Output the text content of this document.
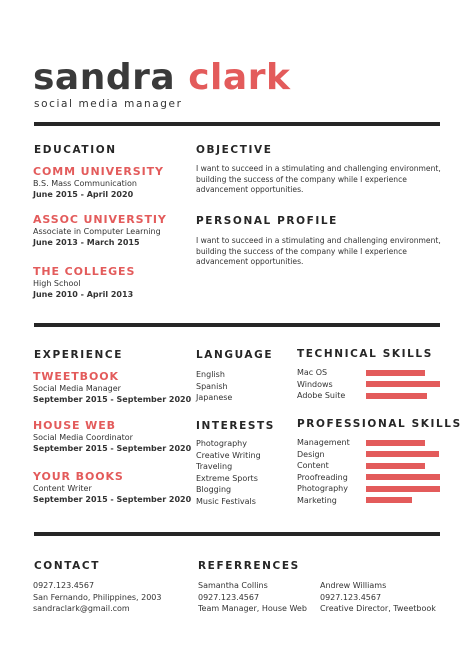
sandra clark
social media manager
EDUCATION
COMM UNIVERSITY
B.S. Mass Communication
June 2015 - April 2020
ASSOC UNIVERSTIY
Associate in Computer Learning
June 2013 - March 2015
THE COLLEGES
High School
June 2010 - April 2013
OBJECTIVE
I want to succeed in a stimulating and challenging environment,
building the success of the company while I experience
advancement opportunities.
PERSONAL PROFILE
I want to succeed in a stimulating and challenging environment,
building the success of the company while I experience
advancement opportunities.
EXPERIENCE
TWEETBOOK
Social Media Manager
September 2015 - September 2020
HOUSE WEB
Social Media Coordinator
September 2015 - September 2020
YOUR BOOKS
Content Writer
September 2015 - September 2020
LANGUAGE
English
Spanish
Japanese
INTERESTS
Photography
Creative Writing
Traveling
Extreme Sports
Blogging
Music Festivals
TECHNICAL SKILLS
Mac OS
Windows
Adobe Suite
PROFESSIONAL SKILLS
Management
Design
Content
Proofreading
Photography
Marketing
CONTACT
0927.123.4567
San Fernando, Philippines, 2003
sandraclark@gmail.com
REFERRENCES
Samantha Collins
0927.123.4567
Team Manager, House Web
Andrew Williams
0927.123.4567
Creative Director, Tweetbook
